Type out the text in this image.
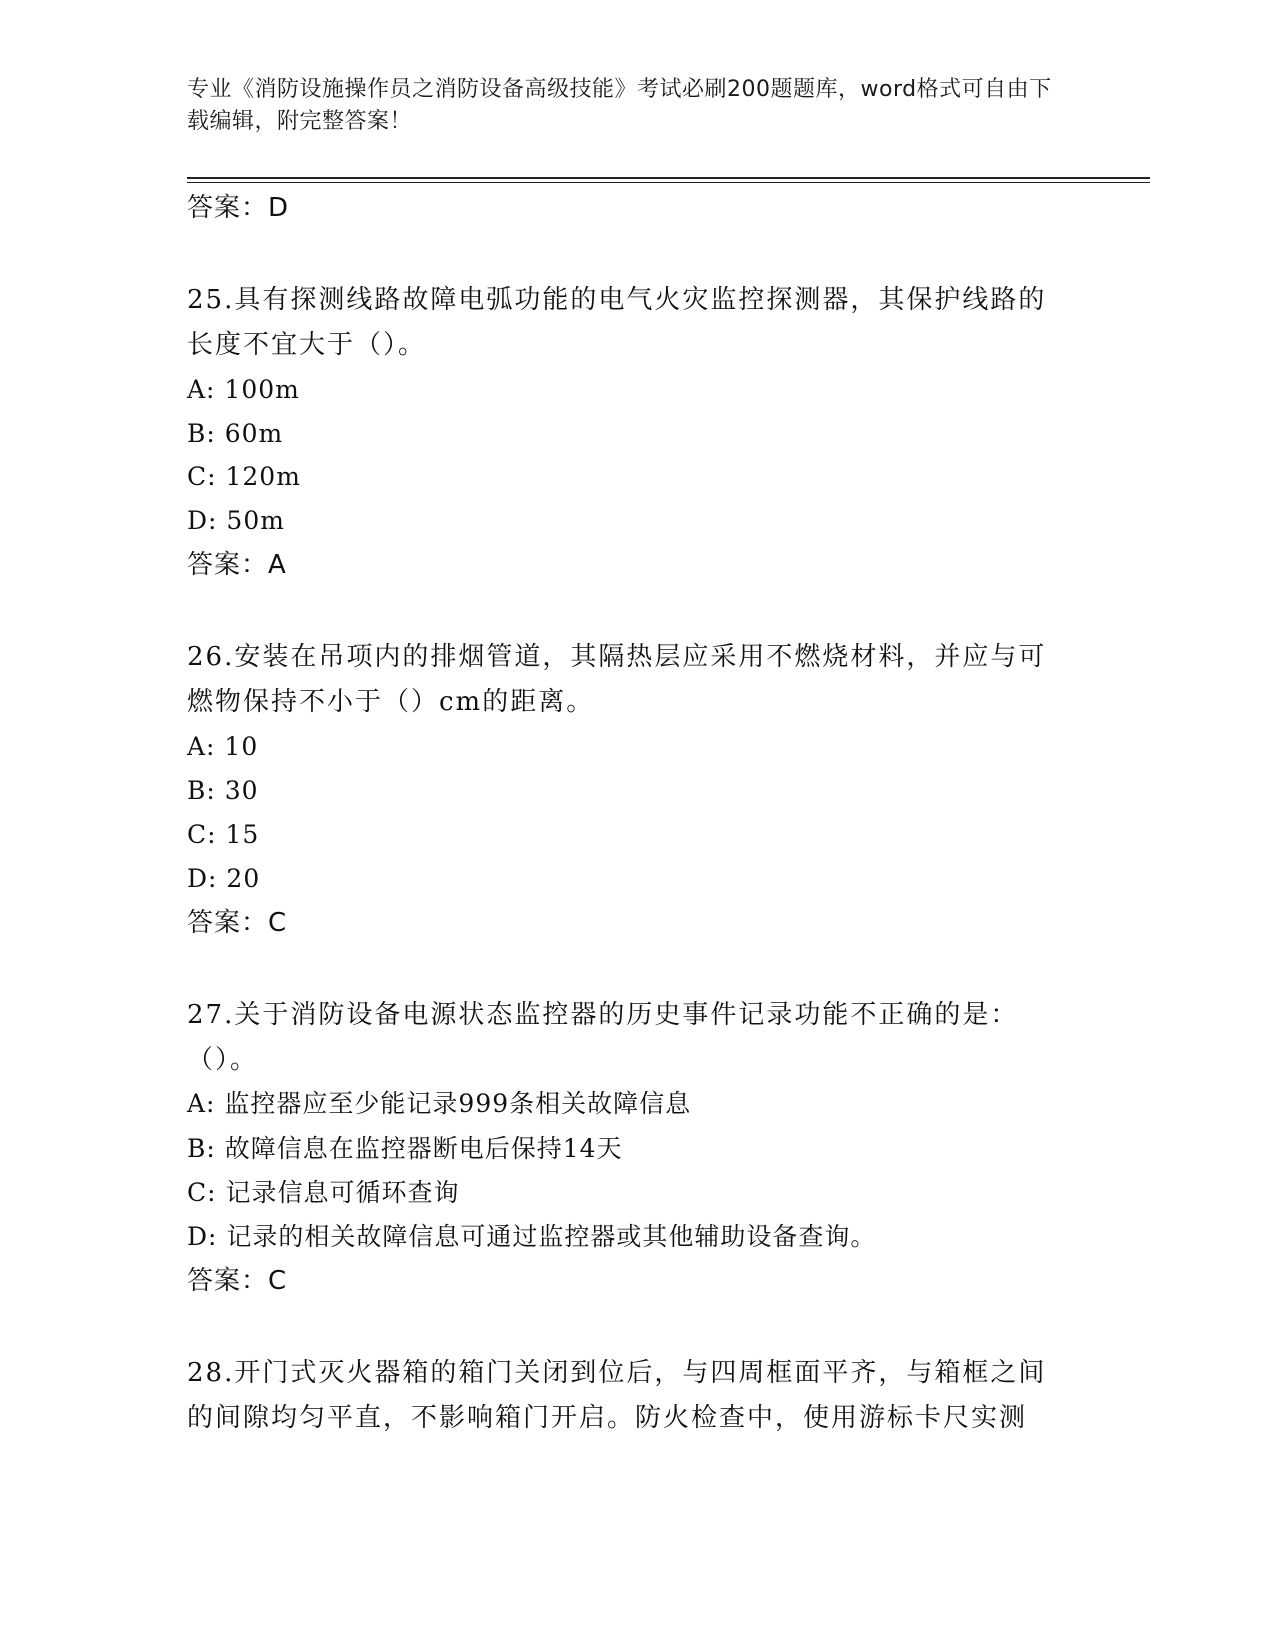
专业《消防设施操作员之消防设备高级技能》考试必刷200题题库，word格式可自由下载编辑，附完整答案！
答案：D
25.具有探测线路故障电弧功能的电气火灾监控探测器，其保护线路的长度不宜大于（）。
A: 100m
B: 60m
C: 120m
D: 50m
答案：A
26.安装在吊项内的排烟管道，其隔热层应采用不燃烧材料，并应与可燃物保持不小于（）cm的距离。
A: 10
B: 30
C: 15
D: 20
答案：C
27.关于消防设备电源状态监控器的历史事件记录功能不正确的是：（）。
A: 监控器应至少能记录999条相关故障信息
B: 故障信息在监控器断电后保持14天
C: 记录信息可循环查询
D: 记录的相关故障信息可通过监控器或其他辅助设备查询。
答案：C
28.开门式灭火器箱的箱门关闭到位后，与四周框面平齐，与箱框之间的间隙均匀平直，不影响箱门开启。防火检查中，使用游标卡尺实测
